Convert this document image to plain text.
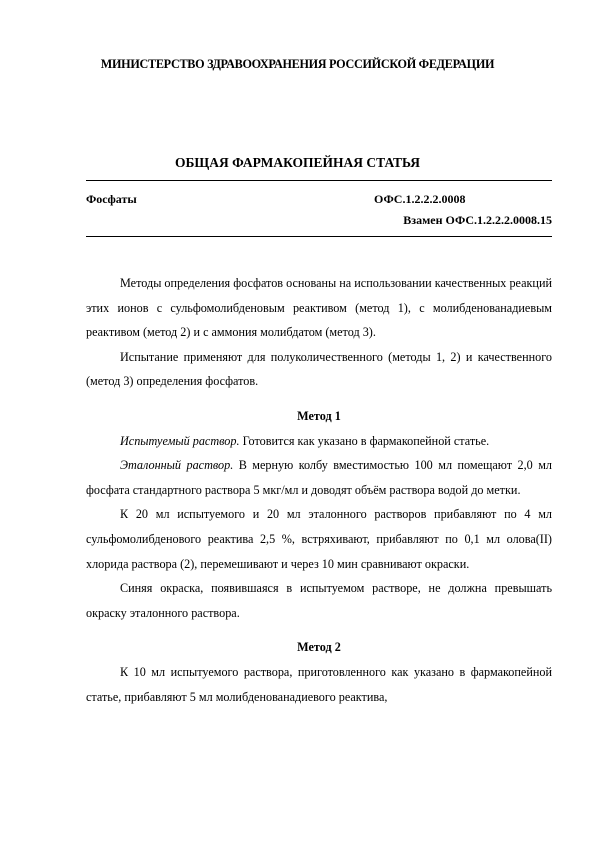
МИНИСТЕРСТВО ЗДРАВООХРАНЕНИЯ РОССИЙСКОЙ ФЕДЕРАЦИИ
ОБЩАЯ ФАРМАКОПЕЙНАЯ СТАТЬЯ
Фосфаты	ОФС.1.2.2.2.0008
Взамен ОФС.1.2.2.2.0008.15

Методы определения фосфатов основаны на использовании качественных реакций этих ионов с сульфомолибденовым реактивом (метод 1), с молибденованадиевым реактивом (метод 2) и с аммония молибдатом (метод 3).

Испытание применяют для полуколичественного (методы 1, 2) и качественного (метод 3) определения фосфатов.

Метод 1

Испытуемый раствор. Готовится как указано в фармакопейной статье.

Эталонный раствор. В мерную колбу вместимостью 100 мл помещают 2,0 мл фосфата стандартного раствора 5 мкг/мл и доводят объём раствора водой до метки.

К 20 мл испытуемого и 20 мл эталонного растворов прибавляют по 4 мл сульфомолибденового реактива 2,5 %, встряхивают, прибавляют по 0,1 мл олова(II) хлорида раствора (2), перемешивают и через 10 мин сравнивают окраски.

Синяя окраска, появившаяся в испытуемом растворе, не должна превышать окраску эталонного раствора.

Метод 2

К 10 мл испытуемого раствора, приготовленного как указано в фармакопейной статье, прибавляют 5 мл молибденованадиевого реактива,
